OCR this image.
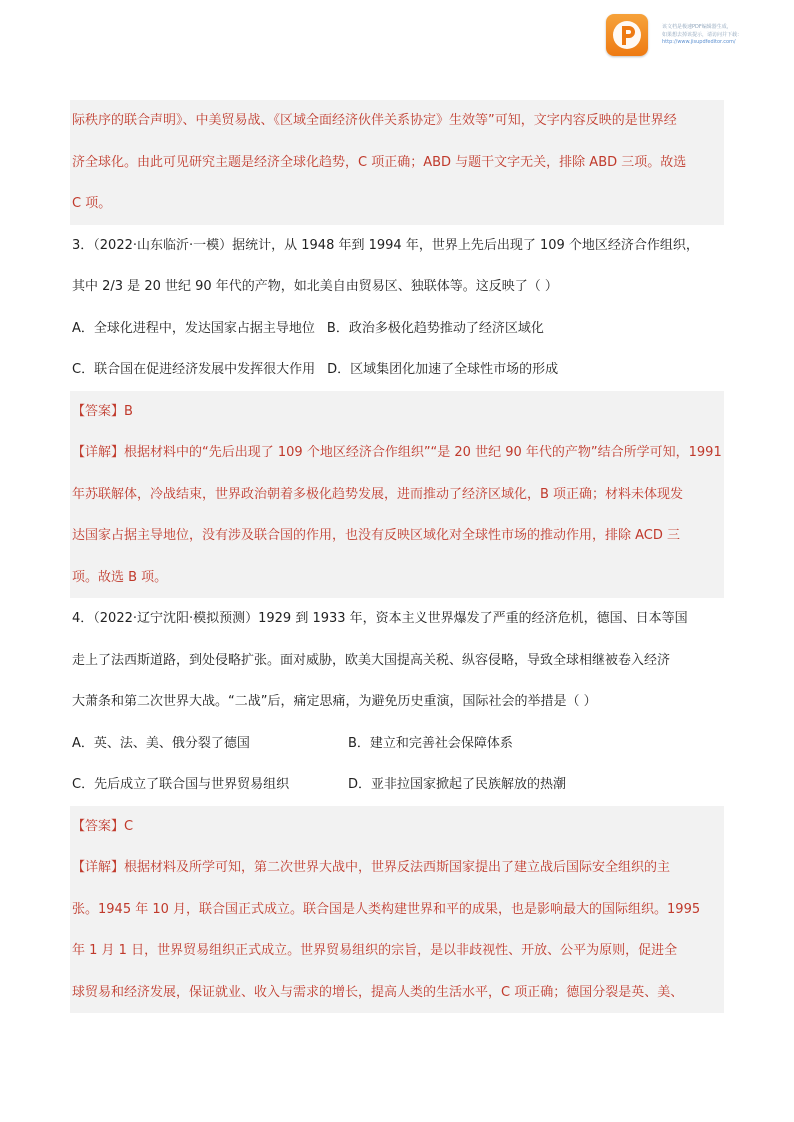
该文档是极速PDF编辑器生成，
如果想去掉该提示，请访问并下载：
http://www.jisupdfeditor.com/
际秩序的联合声明》、中美贸易战、《区域全面经济伙伴关系协定》生效等”可知，文字内容反映的是世界经
济全球化。由此可见研究主题是经济全球化趋势，C 项正确；ABD 与题干文字无关，排除 ABD 三项。故选
C 项。
3．（2022·山东临沂·一模）据统计，从 1948 年到 1994 年，世界上先后出现了 109 个地区经济合作组织，
其中 2/3 是 20 世纪 90 年代的产物，如北美自由贸易区、独联体等。这反映了（ ）
A．全球化进程中，发达国家占据主导地位 B．政治多极化趋势推动了经济区域化
C．联合国在促进经济发展中发挥很大作用 D．区域集团化加速了全球性市场的形成
【答案】B
【详解】根据材料中的“先后出现了 109 个地区经济合作组织”“是 20 世纪 90 年代的产物”结合所学可知，1991
年苏联解体，冷战结束，世界政治朝着多极化趋势发展，进而推动了经济区域化，B 项正确；材料未体现发
达国家占据主导地位，没有涉及联合国的作用，也没有反映区域化对全球性市场的推动作用，排除 ACD 三
项。故选 B 项。
4．（2022·辽宁沈阳·模拟预测）1929 到 1933 年，资本主义世界爆发了严重的经济危机，德国、日本等国
走上了法西斯道路，到处侵略扩张。面对威胁，欧美大国提高关税、纵容侵略，导致全球相继被卷入经济
大萧条和第二次世界大战。“二战”后，痛定思痛，为避免历史重演，国际社会的举措是（ ）
A．英、法、美、俄分裂了德国	B．建立和完善社会保障体系
C．先后成立了联合国与世界贸易组织	D．亚非拉国家掀起了民族解放的热潮
【答案】C
【详解】根据材料及所学可知，第二次世界大战中，世界反法西斯国家提出了建立战后国际安全组织的主
张。1945 年 10 月，联合国正式成立。联合国是人类构建世界和平的成果，也是影响最大的国际组织。1995
年 1 月 1 日，世界贸易组织正式成立。世界贸易组织的宗旨，是以非歧视性、开放、公平为原则，促进全
球贸易和经济发展，保证就业、收入与需求的增长，提高人类的生活水平，C 项正确；德国分裂是英、美、
